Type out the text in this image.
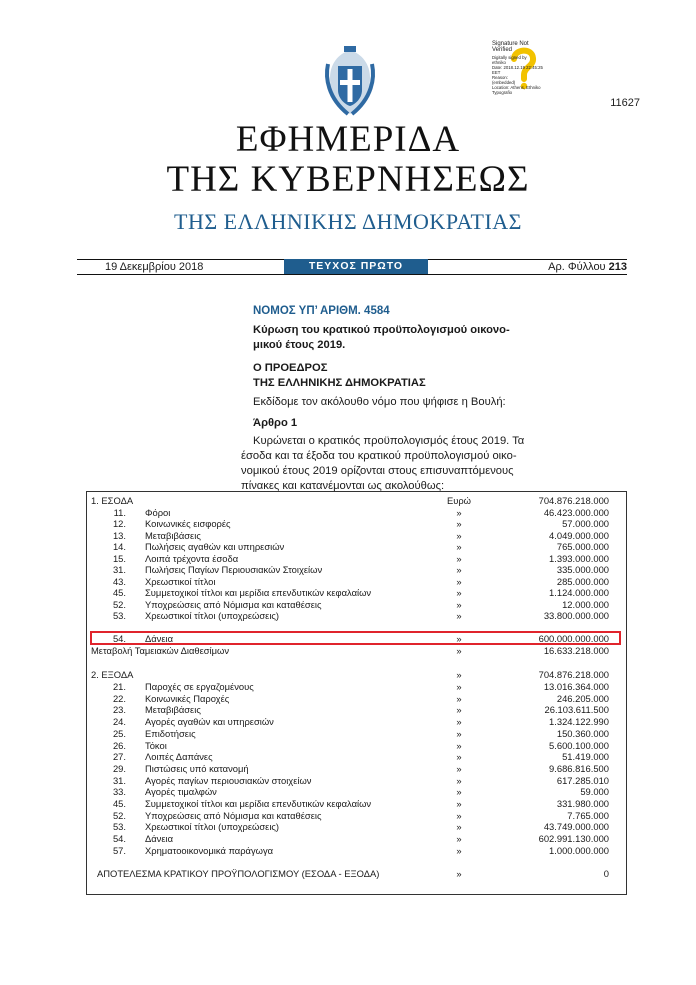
Signature Not
Verified
Digitally signed by
ethniko
Date: 2018.12.19 22:45:25
EET
Reason:
(embedded)
Location: Athens, Ethniko
Typografio
11627
ΕΦΗΜΕΡΙΔΑ
ΤΗΣ ΚΥΒΕΡΝΗΣΕΩΣ
ΤΗΣ ΕΛΛΗΝΙΚΗΣ ΔΗΜΟΚΡΑΤΙΑΣ
19 Δεκεμβρίου 2018	ΤΕΥΧΟΣ ΠΡΩΤΟ	Αρ. Φύλλου 213
ΝΟΜΟΣ ΥΠ’ ΑΡΙΘΜ. 4584
Κύρωση του κρατικού προϋπολογισμού οικονο-
μικού έτους 2019.
Ο ΠΡΟΕΔΡΟΣ
ΤΗΣ ΕΛΛΗΝΙΚΗΣ ΔΗΜΟΚΡΑΤΙΑΣ
Εκδίδομε τον ακόλουθο νόμο που ψήφισε η Βουλή:
Άρθρο 1
Κυρώνεται ο κρατικός προϋπολογισμός έτους 2019. Τα
έσοδα και τα έξοδα του κρατικού προϋπολογισμού οικο-
νομικού έτους 2019 ορίζονται στους επισυναπτόμενους
πίνακες και κατανέμονται ως ακολούθως:
1. ΕΣΟΔΑ	Ευρώ	704.876.218.000
11. Φόροι	»	46.423.000.000
12. Κοινωνικές εισφορές	»	57.000.000
13. Μεταβιβάσεις	»	4.049.000.000
14. Πωλήσεις αγαθών και υπηρεσιών	»	765.000.000
15. Λοιπά τρέχοντα έσοδα	»	1.393.000.000
31. Πωλήσεις Παγίων Περιουσιακών Στοιχείων	»	335.000.000
43. Χρεωστικοί τίτλοι	»	285.000.000
45. Συμμετοχικοί τίτλοι και μερίδια επενδυτικών κεφαλαίων	»	1.124.000.000
52. Υποχρεώσεις από Νόμισμα και καταθέσεις	»	12.000.000
53. Χρεωστικοί τίτλοι (υποχρεώσεις)	»	33.800.000.000
54. Δάνεια	»	600.000.000.000
Μεταβολή Ταμειακών Διαθεσίμων	»	16.633.218.000
2. ΕΞΟΔΑ	»	704.876.218.000
21. Παροχές σε εργαζομένους	»	13.016.364.000
22. Κοινωνικές Παροχές	»	246.205.000
23. Μεταβιβάσεις	»	26.103.611.500
24. Αγορές αγαθών και υπηρεσιών	»	1.324.122.990
25. Επιδοτήσεις	»	150.360.000
26. Τόκοι	»	5.600.100.000
27. Λοιπές Δαπάνες	»	51.419.000
29. Πιστώσεις υπό κατανομή	»	9.686.816.500
31. Αγορές παγίων περιουσιακών στοιχείων	»	617.285.010
33. Αγορές τιμαλφών	»	59.000
45. Συμμετοχικοί τίτλοι και μερίδια επενδυτικών κεφαλαίων	»	331.980.000
52. Υποχρεώσεις από Νόμισμα και καταθέσεις	»	7.765.000
53. Χρεωστικοί τίτλοι (υποχρεώσεις)	»	43.749.000.000
54. Δάνεια	»	602.991.130.000
57. Χρηματοοικονομικά παράγωγα	»	1.000.000.000
ΑΠΟΤΕΛΕΣΜΑ ΚΡΑΤΙΚΟΥ ΠΡΟΫΠΟΛΟΓΙΣΜΟΥ (ΕΣΟΔΑ - ΕΞΟΔΑ)	»	0
